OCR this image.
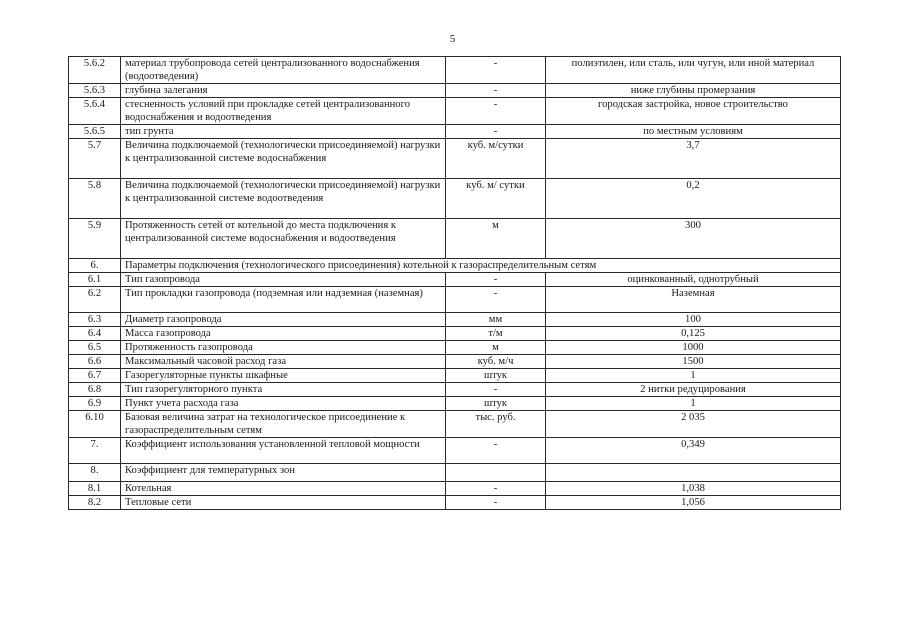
5
5.6.2	материал трубопровода сетей централизованного водоснабжения (водоотведения)	-	полиэтилен, или сталь, или чугун, или иной материал
5.6.3	глубина залегания	-	ниже глубины промерзания
5.6.4	стесненность условий при прокладке сетей централизованного водоснабжения и водоотведения	-	городская застройка, новое строительство
5.6.5	тип грунта	-	по местным условиям
5.7	Величина подключаемой (технологически присоединяемой) нагрузки к централизованной системе водоснабжения	куб. м/сутки	3,7
5.8	Величина подключаемой (технологически присоединяемой) нагрузки к централизованной системе водоотведения	куб. м/ сутки	0,2
5.9	Протяженность сетей от котельной до места подключения к централизованной системе водоснабжения и водоотведения	м	300
6.	Параметры подключения (технологического присоединения) котельной к газораспределительным сетям		
6.1	Тип газопровода	-	оцинкованный, однотрубный
6.2	Тип прокладки газопровода (подземная или надземная (наземная)	-	Наземная
6.3	Диаметр газопровода	мм	100
6.4	Масса газопровода	т/м	0,125
6.5	Протяженность газопровода	м	1000
6.6	Максимальный часовой расход газа	куб. м/ч	1500
6.7	Газорегуляторные пункты шкафные	штук	1
6.8	Тип газорегуляторного пункта	-	2 нитки редуцирования
6.9	Пункт учета расхода газа	штук	1
6.10	Базовая величина затрат на технологическое присоединение к газораспределительным сетям	тыс. руб.	2 035
7.	Коэффициент использования установленной тепловой мощности	-	0,349
8.	Коэффициент для температурных зон		
8.1	Котельная	-	1,038
8.2	Тепловые сети	-	1,056
